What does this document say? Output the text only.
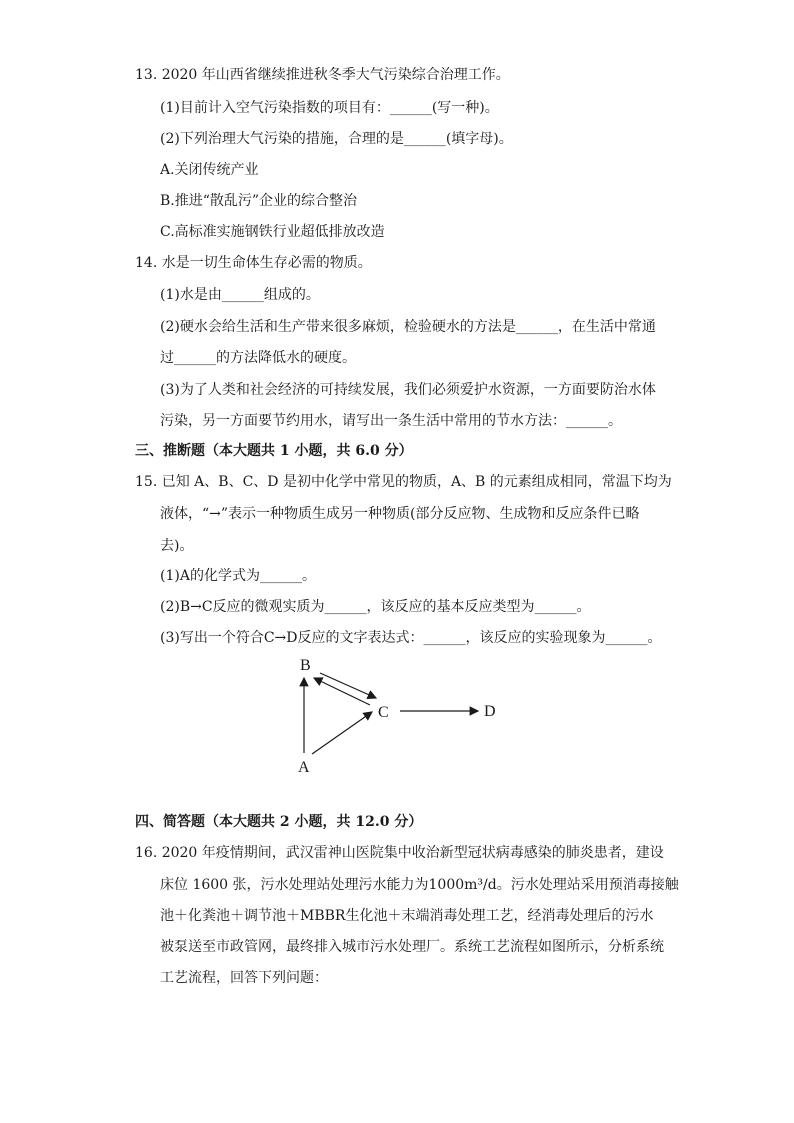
13. 2020 年山西省继续推进秋冬季大气污染综合治理工作。
(1)目前计入空气污染指数的项目有：______(写一种)。
(2)下列治理大气污染的措施，合理的是______(填字母)。
A.关闭传统产业
B.推进“散乱污”企业的综合整治
C.高标准实施钢铁行业超低排放改造
14. 水是一切生命体生存必需的物质。
(1)水是由______组成的。
(2)硬水会给生活和生产带来很多麻烦，检验硬水的方法是______，在生活中常通
过______的方法降低水的硬度。
(3)为了人类和社会经济的可持续发展，我们必须爱护水资源，一方面要防治水体
污染，另一方面要节约用水，请写出一条生活中常用的节水方法：______。
三、推断题（本大题共 1 小题，共 6.0 分）
15. 已知 A、B、C、D 是初中化学中常见的物质，A、B 的元素组成相同，常温下均为
液体，“→”表示一种物质生成另一种物质(部分反应物、生成物和反应条件已略
去)。
(1)A的化学式为______。
(2)B→C反应的微观实质为______，该反应的基本反应类型为______。
(3)写出一个符合C→D反应的文字表达式：______，该反应的实验现象为______。
B
A
C	D
四、简答题（本大题共 2 小题，共 12.0 分）
16. 2020 年疫情期间，武汉雷神山医院集中收治新型冠状病毒感染的肺炎患者，建设
床位 1600 张，污水处理站处理污水能力为1000m³/d。污水处理站采用预消毒接触
池＋化粪池＋调节池＋MBBR生化池＋末端消毒处理工艺，经消毒处理后的污水
被泵送至市政管网，最终排入城市污水处理厂。系统工艺流程如图所示，分析系统
工艺流程，回答下列问题：
